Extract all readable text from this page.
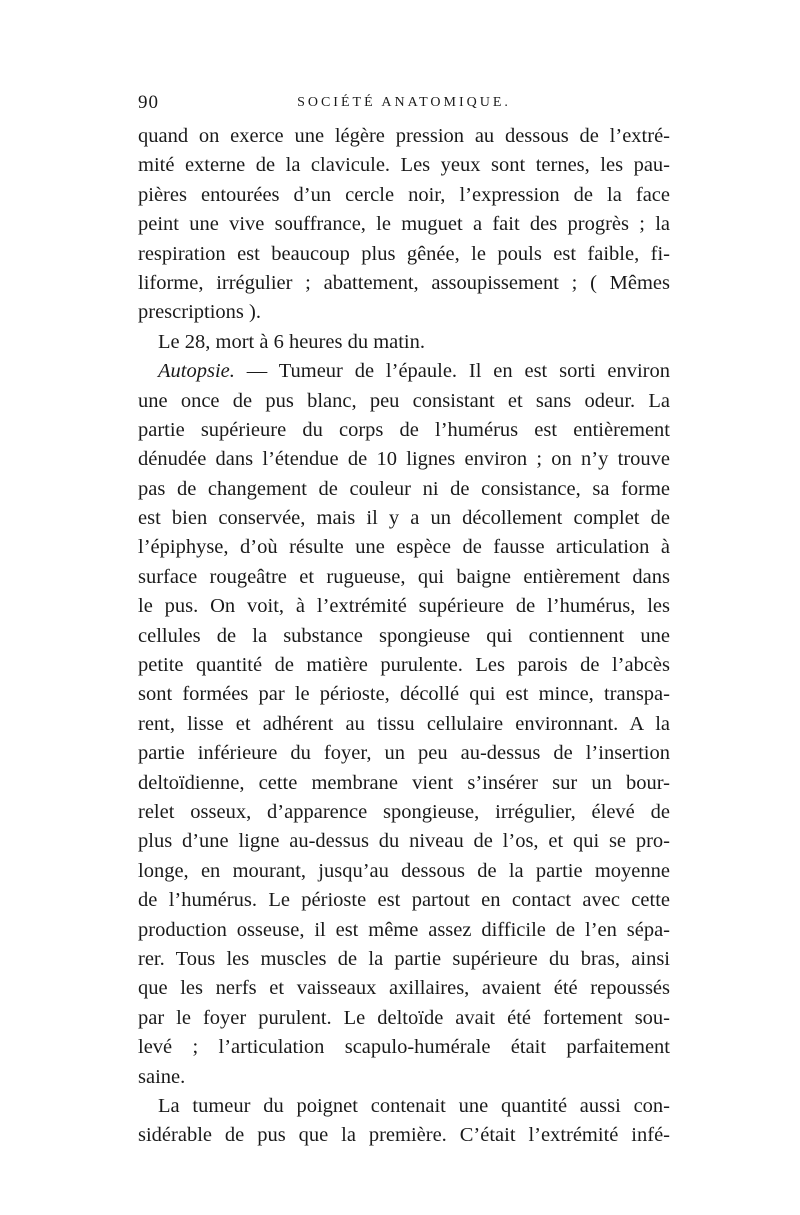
90	SOCIÉTÉ ANATOMIQUE.
quand on exerce une légère pression au dessous de l’extré-
mité externe de la clavicule. Les yeux sont ternes, les pau-
pières entourées d’un cercle noir, l’expression de la face
peint une vive souffrance, le muguet a fait des progrès ; la
respiration est beaucoup plus gênée, le pouls est faible, fi-
liforme, irrégulier ; abattement, assoupissement ; ( Mêmes
prescriptions ).
Le 28, mort à 6 heures du matin.
Autopsie. — Tumeur de l’épaule. Il en est sorti environ
une once de pus blanc, peu consistant et sans odeur. La
partie supérieure du corps de l’humérus est entièrement
dénudée dans l’étendue de 10 lignes environ ; on n’y trouve
pas de changement de couleur ni de consistance, sa forme
est bien conservée, mais il y a un décollement complet de
l’épiphyse, d’où résulte une espèce de fausse articulation à
surface rougeâtre et rugueuse, qui baigne entièrement dans
le pus. On voit, à l’extrémité supérieure de l’humérus, les
cellules de la substance spongieuse qui contiennent une
petite quantité de matière purulente. Les parois de l’abcès
sont formées par le périoste, décollé qui est mince, transpa-
rent, lisse et adhérent au tissu cellulaire environnant. A la
partie inférieure du foyer, un peu au-dessus de l’insertion
deltoïdienne, cette membrane vient s’insérer sur un bour-
relet osseux, d’apparence spongieuse, irrégulier, élevé de
plus d’une ligne au-dessus du niveau de l’os, et qui se pro-
longe, en mourant, jusqu’au dessous de la partie moyenne
de l’humérus. Le périoste est partout en contact avec cette
production osseuse, il est même assez difficile de l’en sépa-
rer. Tous les muscles de la partie supérieure du bras, ainsi
que les nerfs et vaisseaux axillaires, avaient été repoussés
par le foyer purulent. Le deltoïde avait été fortement sou-
levé ; l’articulation scapulo-humérale était parfaitement
saine.
La tumeur du poignet contenait une quantité aussi con-
sidérable de pus que la première. C’était l’extrémité infé-
